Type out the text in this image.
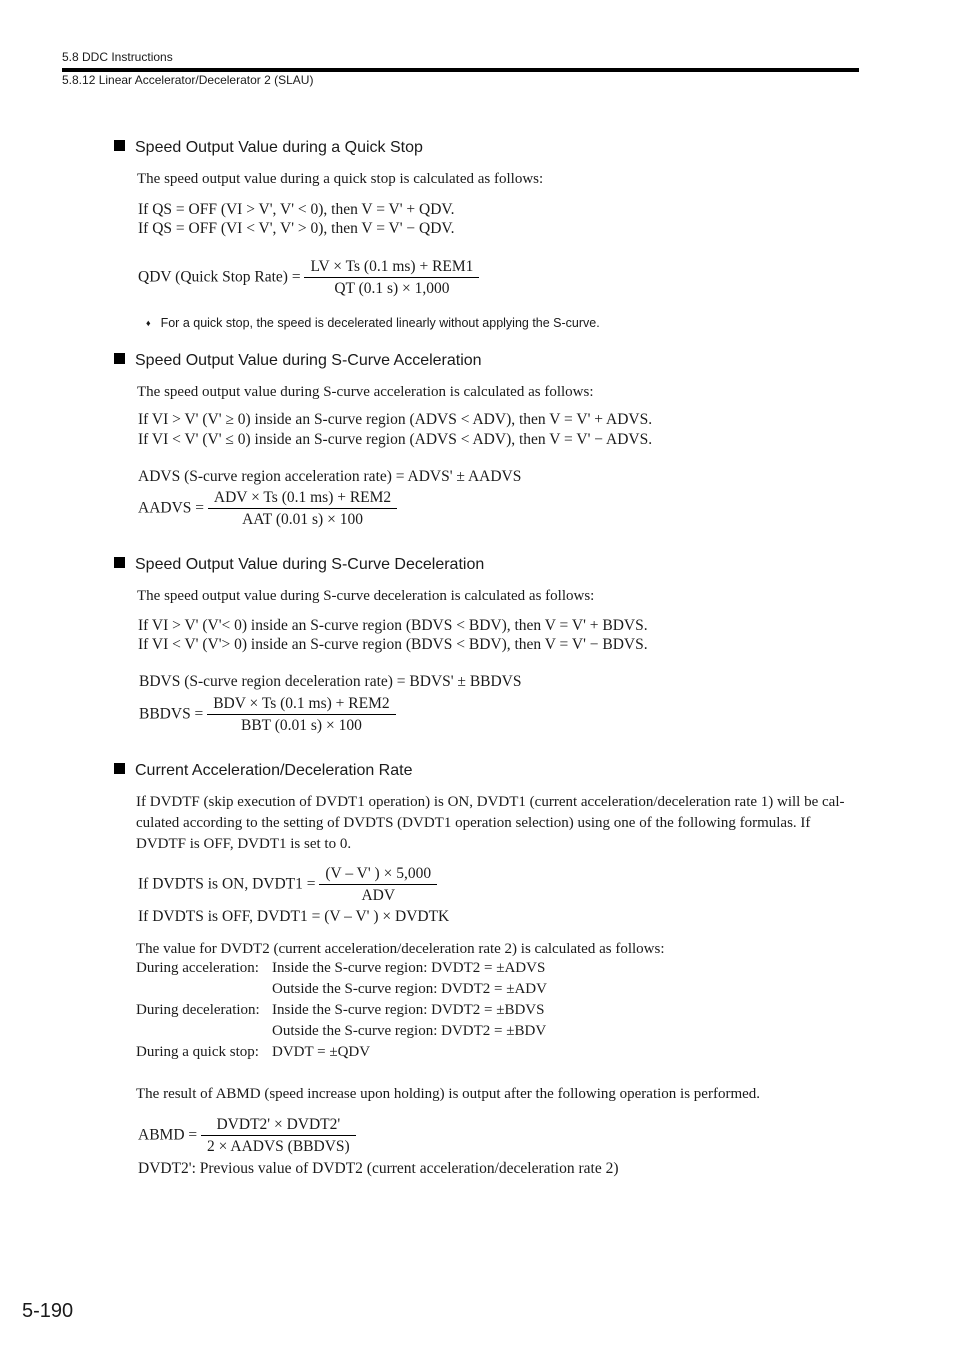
5.8 DDC Instructions
5.8.12 Linear Accelerator/Decelerator 2 (SLAU)
Speed Output Value during a Quick Stop
The speed output value during a quick stop is calculated as follows:
If QS = OFF (VI > V', V' < 0), then V = V' + QDV.
If QS = OFF (VI < V', V' > 0), then V = V' − QDV.
QDV (Quick Stop Rate) = $\frac{\text{LV × Ts (0.1 ms) + REM1}}{QT (0.1 s) \times 1,000}$
♦ For a quick stop, the speed is decelerated linearly without applying the S-curve.
Speed Output Value during S-Curve Acceleration
The speed output value during S-curve acceleration is calculated as follows:
If VI > V' (V' ≥ 0) inside an S-curve region (ADVS < ADV), then V = V' + ADVS.
If VI < V' (V' ≤ 0) inside an S-curve region (ADVS < ADV), then V = V' − ADVS.
ADVS (S-curve region acceleration rate) = ADVS' ± AADVS
AADVS = $\frac{\text{ADV × Ts (0.1 ms) + REM2}}{\text{AAT (0.01 s) × 100}}$
Speed Output Value during S-Curve Deceleration
The speed output value during S-curve deceleration is calculated as follows:
If VI > V' (V'< 0) inside an S-curve region (BDVS < BDV), then V = V' + BDVS.
If VI < V' (V'> 0) inside an S-curve region (BDVS < BDV), then V = V' − BDVS.
BDVS (S-curve region deceleration rate) = BDVS' ± BBDVS
BBDVS = $\frac{\text{BDV × Ts (0.1 ms) + REM2}}{\text{BBT (0.01 s) × 100}}$
Current Acceleration/Deceleration Rate
If DVDTF (skip execution of DVDT1 operation) is ON, DVDT1 (current acceleration/deceleration rate 1) will be cal-
culated according to the setting of DVDTS (DVDT1 operation selection) using one of the following formulas. If
DVDTF is OFF, DVDT1 is set to 0.
If DVDTS is ON, DVDT1 = $\frac{(V - V' ) \times 5,000}{\text{ADV}}$
If DVDTS is OFF, DVDT1 = (V – V' ) × DVDTK
The value for DVDT2 (current acceleration/deceleration rate 2) is calculated as follows:
During acceleration:	Inside the S-curve region: DVDT2 = ±ADVS
	Outside the S-curve region: DVDT2 = ±ADV
During deceleration:	Inside the S-curve region: DVDT2 = ±BDVS
	Outside the S-curve region: DVDT2 = ±BDV
During a quick stop:	DVDT = ±QDV
The result of ABMD (speed increase upon holding) is output after the following operation is performed.
ABMD = $\frac{\text{DVDT2' × DVDT2'}}{\text{2 × AADVS (BBDVS)}}$
DVDT2': Previous value of DVDT2 (current acceleration/deceleration rate 2)
5-190
